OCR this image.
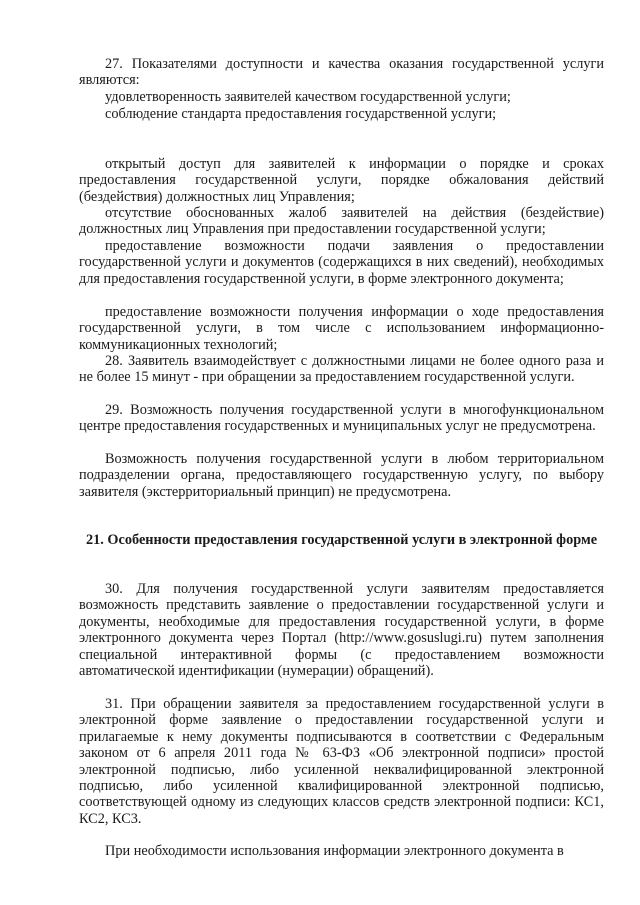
27. Показателями доступности и качества оказания государственной услуги являются:

удовлетворенность заявителей качеством государственной услуги;

соблюдение стандарта предоставления государственной услуги;

открытый доступ для заявителей к информации о порядке и сроках предоставления государственной услуги, порядке обжалования действий (бездействия) должностных лиц Управления;

отсутствие обоснованных жалоб заявителей на действия (бездействие) должностных лиц Управления при предоставлении государственной услуги;

предоставление возможности подачи заявления о предоставлении государственной услуги и документов (содержащихся в них сведений), необходимых для предоставления государственной услуги, в форме электронного документа;

предоставление возможности получения информации о ходе предоставления государственной услуги, в том числе с использованием информационно-коммуникационных технологий;

28. Заявитель взаимодействует с должностными лицами не более одного раза и не более 15 минут - при обращении за предоставлением государственной услуги.

29. Возможность получения государственной услуги в многофункциональном центре предоставления государственных и муниципальных услуг не предусмотрена.

Возможность получения государственной услуги в любом территориальном подразделении органа, предоставляющего государственную услугу, по выбору заявителя (экстерриториальный принцип) не предусмотрена.

21. Особенности предоставления государственной услуги в электронной форме

30. Для получения государственной услуги заявителям предоставляется возможность представить заявление о предоставлении государственной услуги и документы, необходимые для предоставления государственной услуги, в форме электронного документа через Портал (http://www.gosuslugi.ru) путем заполнения специальной интерактивной формы (с предоставлением возможности автоматической идентификации (нумерации) обращений).

31. При обращении заявителя за предоставлением государственной услуги в электронной форме заявление о предоставлении государственной услуги и прилагаемые к нему документы подписываются в соответствии с Федеральным законом от 6 апреля 2011 года № 63-ФЗ «Об электронной подписи» простой электронной подписью, либо усиленной неквалифицированной электронной подписью, либо усиленной квалифицированной электронной подписью, соответствующей одному из следующих классов средств электронной подписи: КС1, КС2, КС3.

При необходимости использования информации электронного документа в
